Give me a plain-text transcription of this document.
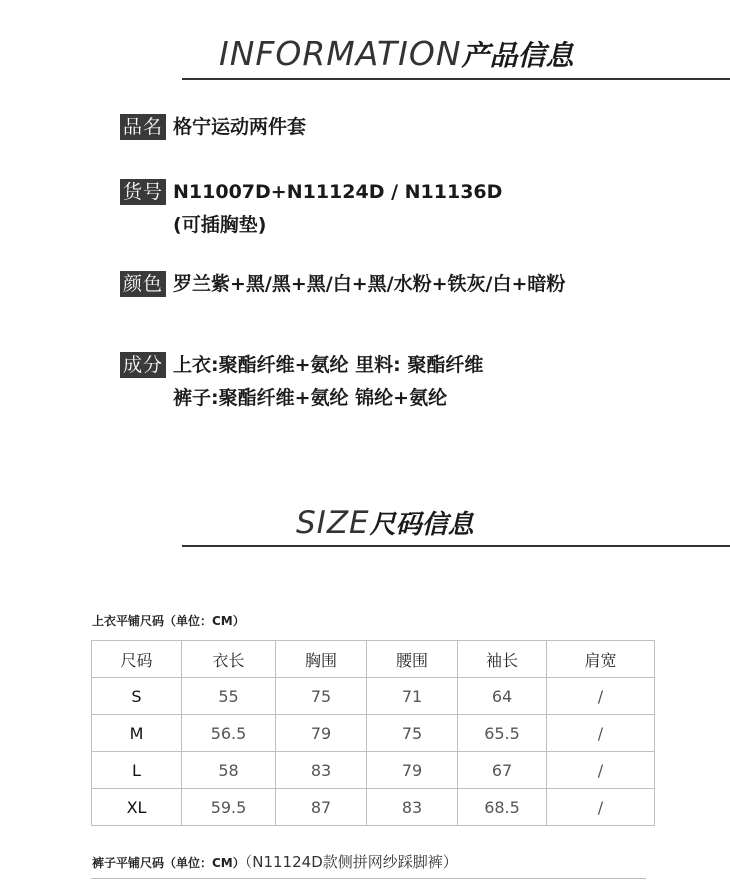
INFORMATION产品信息
品名 格宁运动两件套
货号 N11007D+N11124D / N11136D
(可插胸垫)
颜色 罗兰紫+黑/黑+黑/白+黑/水粉+铁灰/白+暗粉
成分 上衣:聚酯纤维+氨纶 里料: 聚酯纤维
裤子:聚酯纤维+氨纶 锦纶+氨纶
SIZE尺码信息
上衣平铺尺码（单位：CM）
尺码	衣长	胸围	腰围	袖长	肩宽
S	55	75	71	64	/
M	56.5	79	75	65.5	/
L	58	83	79	67	/
XL	59.5	87	83	68.5	/
裤子平铺尺码（单位：CM）（N11124D款侧拼网纱踩脚裤）
